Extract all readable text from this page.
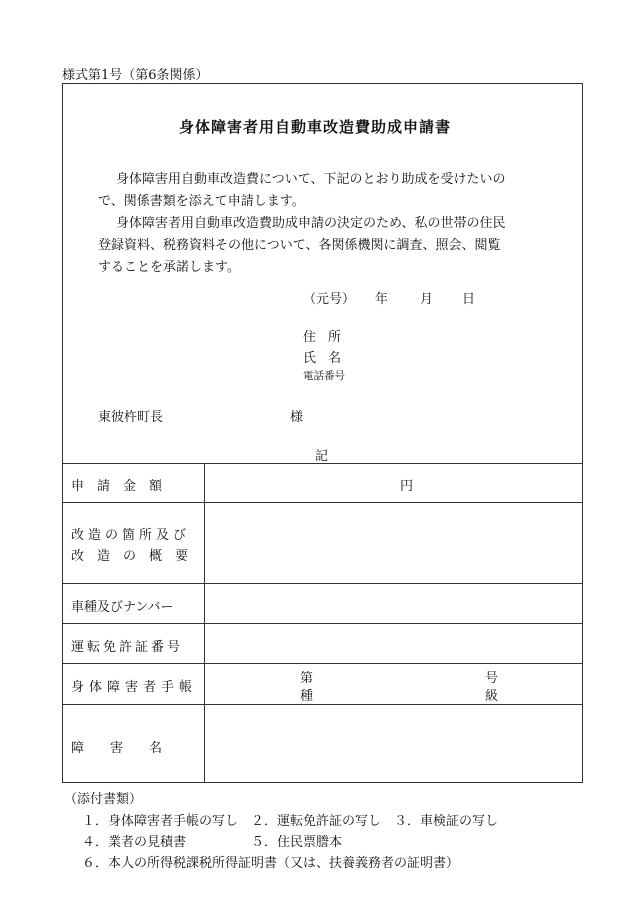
様式第1号（第6条関係）
身体障害者用自動車改造費助成申請書
身体障害用自動車改造費について、下記のとおり助成を受けたいの
で、関係書類を添えて申請します。
身体障害者用自動車改造費助成申請の決定のため、私の世帯の住民
登録資料、税務資料その他について、各関係機関に調査、照会、閲覧
することを承諾します。
（元号） 年 月 日
住所
氏名
電話番号
東彼杵町長	様
記
申　請　金　額	円
改造の箇所及び
改　造　の　概　要
車種及びナンバー
運転免許証番号
身体障害者手帳
第	号
種	級
障　　害　　名
（添付書類）
１．身体障害者手帳の写し　２．運転免許証の写し　３．車検証の写し
４．業者の見積書　　　　　５．住民票謄本
６．本人の所得税課税所得証明書（又は、扶養義務者の証明書）
